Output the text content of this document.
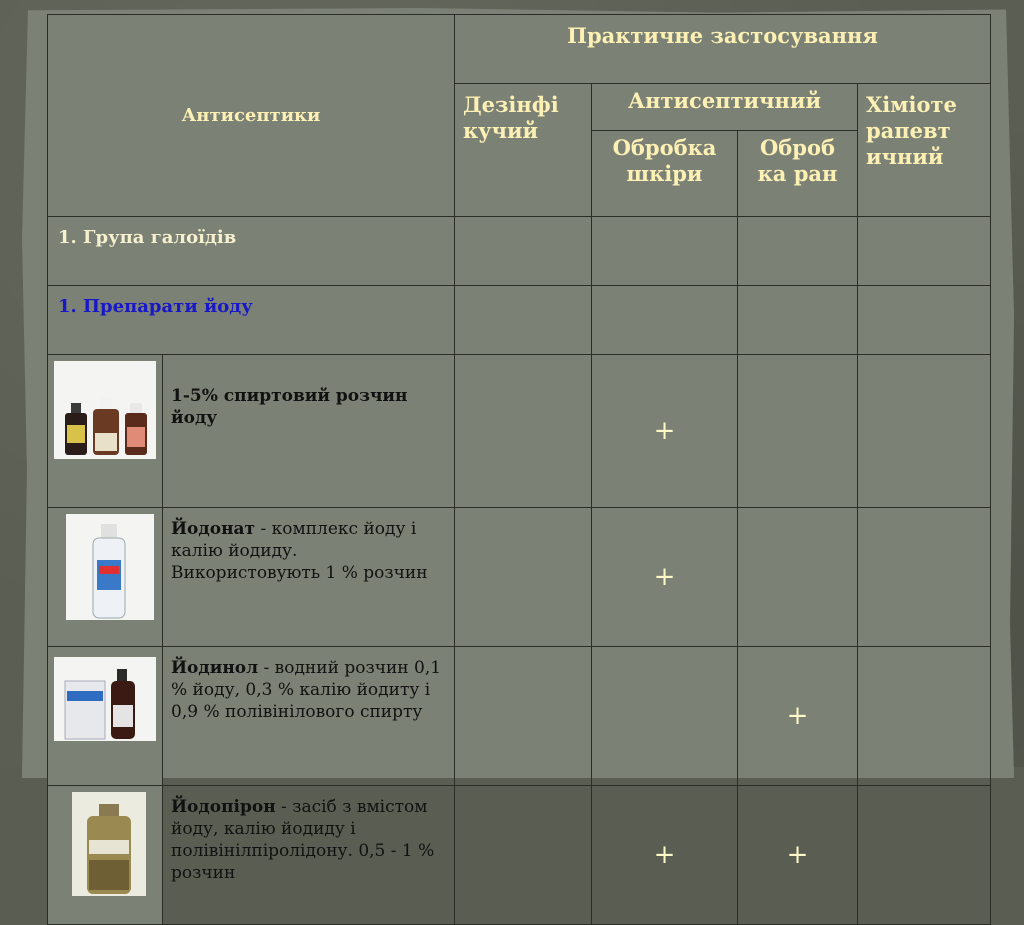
Антисептики		Практичне застосування			
		Дезінфі кучий	Антисептичний		Хіміоте рапевт ичний
			Обробка шкіри	Оброб ка ран	
1. Група галоїдів					
1. Препарати йоду					

	1-5% спиртовий розчин йоду		+		

	Йодонат - комплекс йоду і калію йодиду. Використовують 1 % розчин		+		

	Йодинол - водний розчин 0,1 % йоду, 0,3 % калію йодиту і 0,9 % полівінілового спирту			+	

	Йодопірон - засіб з вмістом йоду, калію йодиду і полівінілпіролідону. 0,5 - 1 % розчин		+	+	
